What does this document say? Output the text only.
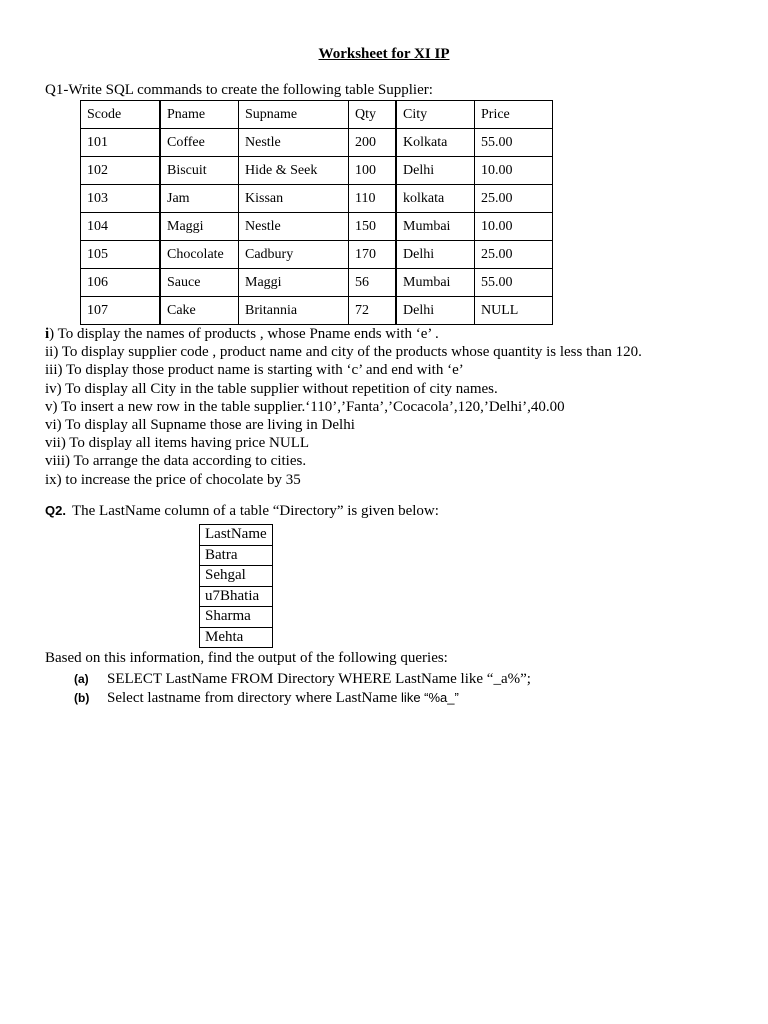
Worksheet for XI IP
Q1-Write SQL commands to create the following table Supplier:
Scode	Pname	Supname	Qty	City	Price
101	Coffee	Nestle	200	Kolkata	55.00
102	Biscuit	Hide & Seek	100	Delhi	10.00
103	Jam	Kissan	110	kolkata	25.00
104	Maggi	Nestle	150	Mumbai	10.00
105	Chocolate	Cadbury	170	Delhi	25.00
106	Sauce	Maggi	56	Mumbai	55.00
107	Cake	Britannia	72	Delhi	NULL
i) To display the names of products , whose Pname ends with ‘e’ .
ii) To display supplier code , product name and city of the products whose quantity is less than 120.
iii) To display those product name is starting with ‘c’ and end with ‘e’
iv) To display all City in the table supplier without repetition of city names.
v) To insert a new row in the table supplier.‘110’,’Fanta’,’Cocacola’,120,’Delhi’,40.00
vi) To display all Supname those are living in Delhi
vii) To display all items having price NULL
viii) To arrange the data according to cities.
ix) to increase the price of chocolate by 35
Q2. The LastName column of a table “Directory” is given below:
LastName
Batra
Sehgal
u7Bhatia
Sharma
Mehta
Based on this information, find the output of the following queries:
(a) SELECT LastName FROM Directory WHERE LastName like “_a%”;
(b) Select lastname from directory where LastName like “%a_”
